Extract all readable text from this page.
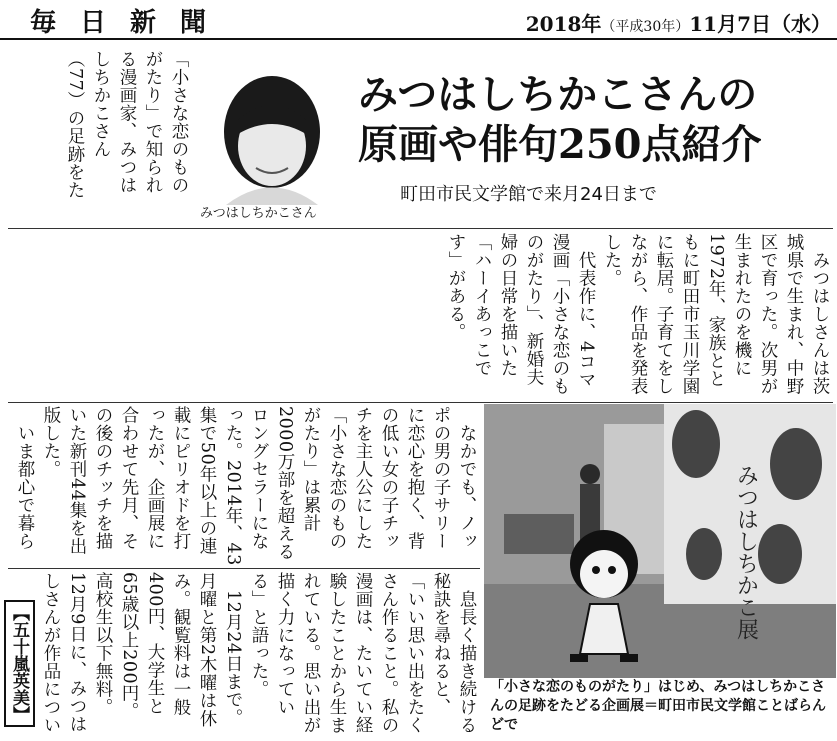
毎日新聞	2018年（平成30年）11月7日（水）

「小さな恋のものがたり」で知られる漫画家、みつはしちかこさん（77）の足跡をた

みつはしちかこさん
みつはしちかこさんの
原画や俳句250点紹介
町田市民文学館で来月24日まで

みつはしさんは茨城県で生まれ、中野区で育った。次男が生まれたのを機に1972年、家族とともに町田市玉川学園に転居。子育てをしながら、作品を発表した。

代表作に、4コマ漫画「小さな恋のものがたり」、新婚夫婦の日常を描いた「ハーイあっこです」がある。

なかでも、ノッポの男の子サリーに恋心を抱く、背の低い女の子チッチを主人公にした「小さな恋のものがたり」は累計2000万部を超えるロングセラーになった。2014年、43集で50年以上の連載にピリオドを打ったが、企画展に合わせて先月、その後のチッチを描いた新刊44集を出版した。

いま都心で暮ら

息長く描き続ける秘訣を尋ねると、「いい思い出をたくさん作ること。私の漫画は、たいてい経験したことから生まれている。思い出が描く力になっている」と語った。

12月24日まで。月曜と第2木曜は休み。観覧料は一般400円、大学生と65歳以上200円。高校生以下無料。12月9日に、みつはしさんが作品につい

【五十嵐英美】
みつはしちかこ展
「小さな恋のものがたり」はじめ、みつはしちかこさんの足跡をたどる企画展＝町田市民文学館ことばらんどで
